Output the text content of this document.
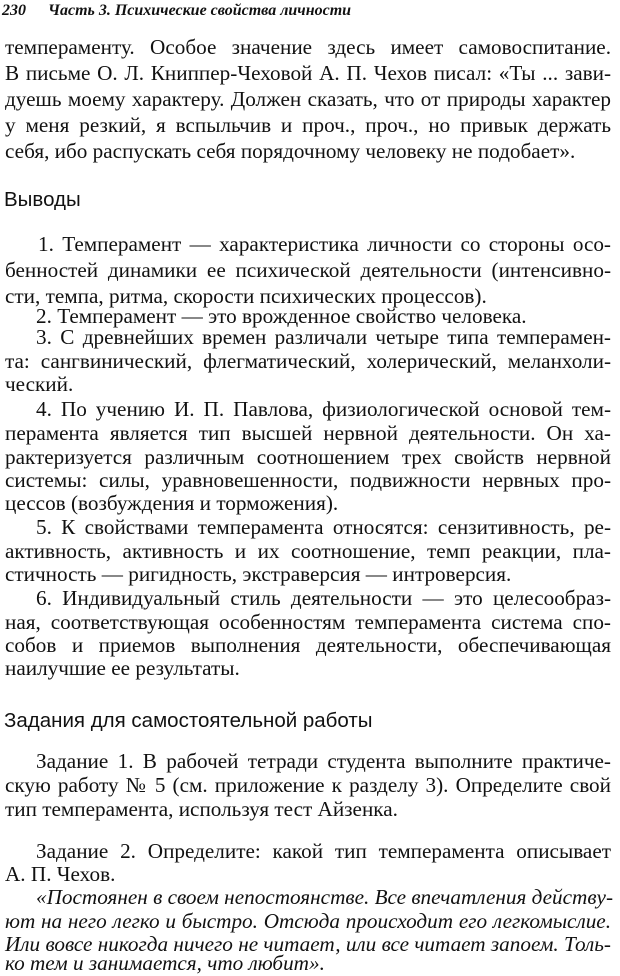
230 Часть 3. Психические свойства личности
темпераменту. Особое значение здесь имеет самовоспитание.
В письме О. Л. Книппер-Чеховой А. П. Чехов писал: «Ты ... зави-
дуешь моему характеру. Должен сказать, что от природы характер
у меня резкий, я вспыльчив и проч., проч., но привык держать
себя, ибо распускать себя порядочному человеку не подобает».
Выводы
1. Темперамент — характеристика личности со стороны осо-
бенностей динамики ее психической деятельности (интенсивно-
сти, темпа, ритма, скорости психических процессов).
2. Темперамент — это врожденное свойство человека.
3. С древнейших времен различали четыре типа темперамен-
та: сангвинический, флегматический, холерический, меланхоли-
ческий.
4. По учению И. П. Павлова, физиологической основой тем-
перамента является тип высшей нервной деятельности. Он ха-
рактеризуется различным соотношением трех свойств нервной
системы: силы, уравновешенности, подвижности нервных про-
цессов (возбуждения и торможения).
5. К свойствами темперамента относятся: сензитивность, ре-
активность, активность и их соотношение, темп реакции, пла-
стичность — ригидность, экстраверсия — интроверсия.
6. Индивидуальный стиль деятельности — это целесообраз-
ная, соответствующая особенностям темперамента система спо-
собов и приемов выполнения деятельности, обеспечивающая
наилучшие ее результаты.
Задания для самостоятельной работы
Задание 1. В рабочей тетради студента выполните практиче-
скую работу № 5 (см. приложение к разделу 3). Определите свой
тип темперамента, используя тест Айзенка.
Задание 2. Определите: какой тип темперамента описывает
А. П. Чехов.
«Постоянен в своем непостоянстве. Все впечатления действу-
ют на него легко и быстро. Отсюда происходит его легкомыслие.
Или вовсе никогда ничего не читает, или все читает запоем. Толь-
ко тем и занимается, что любит».
